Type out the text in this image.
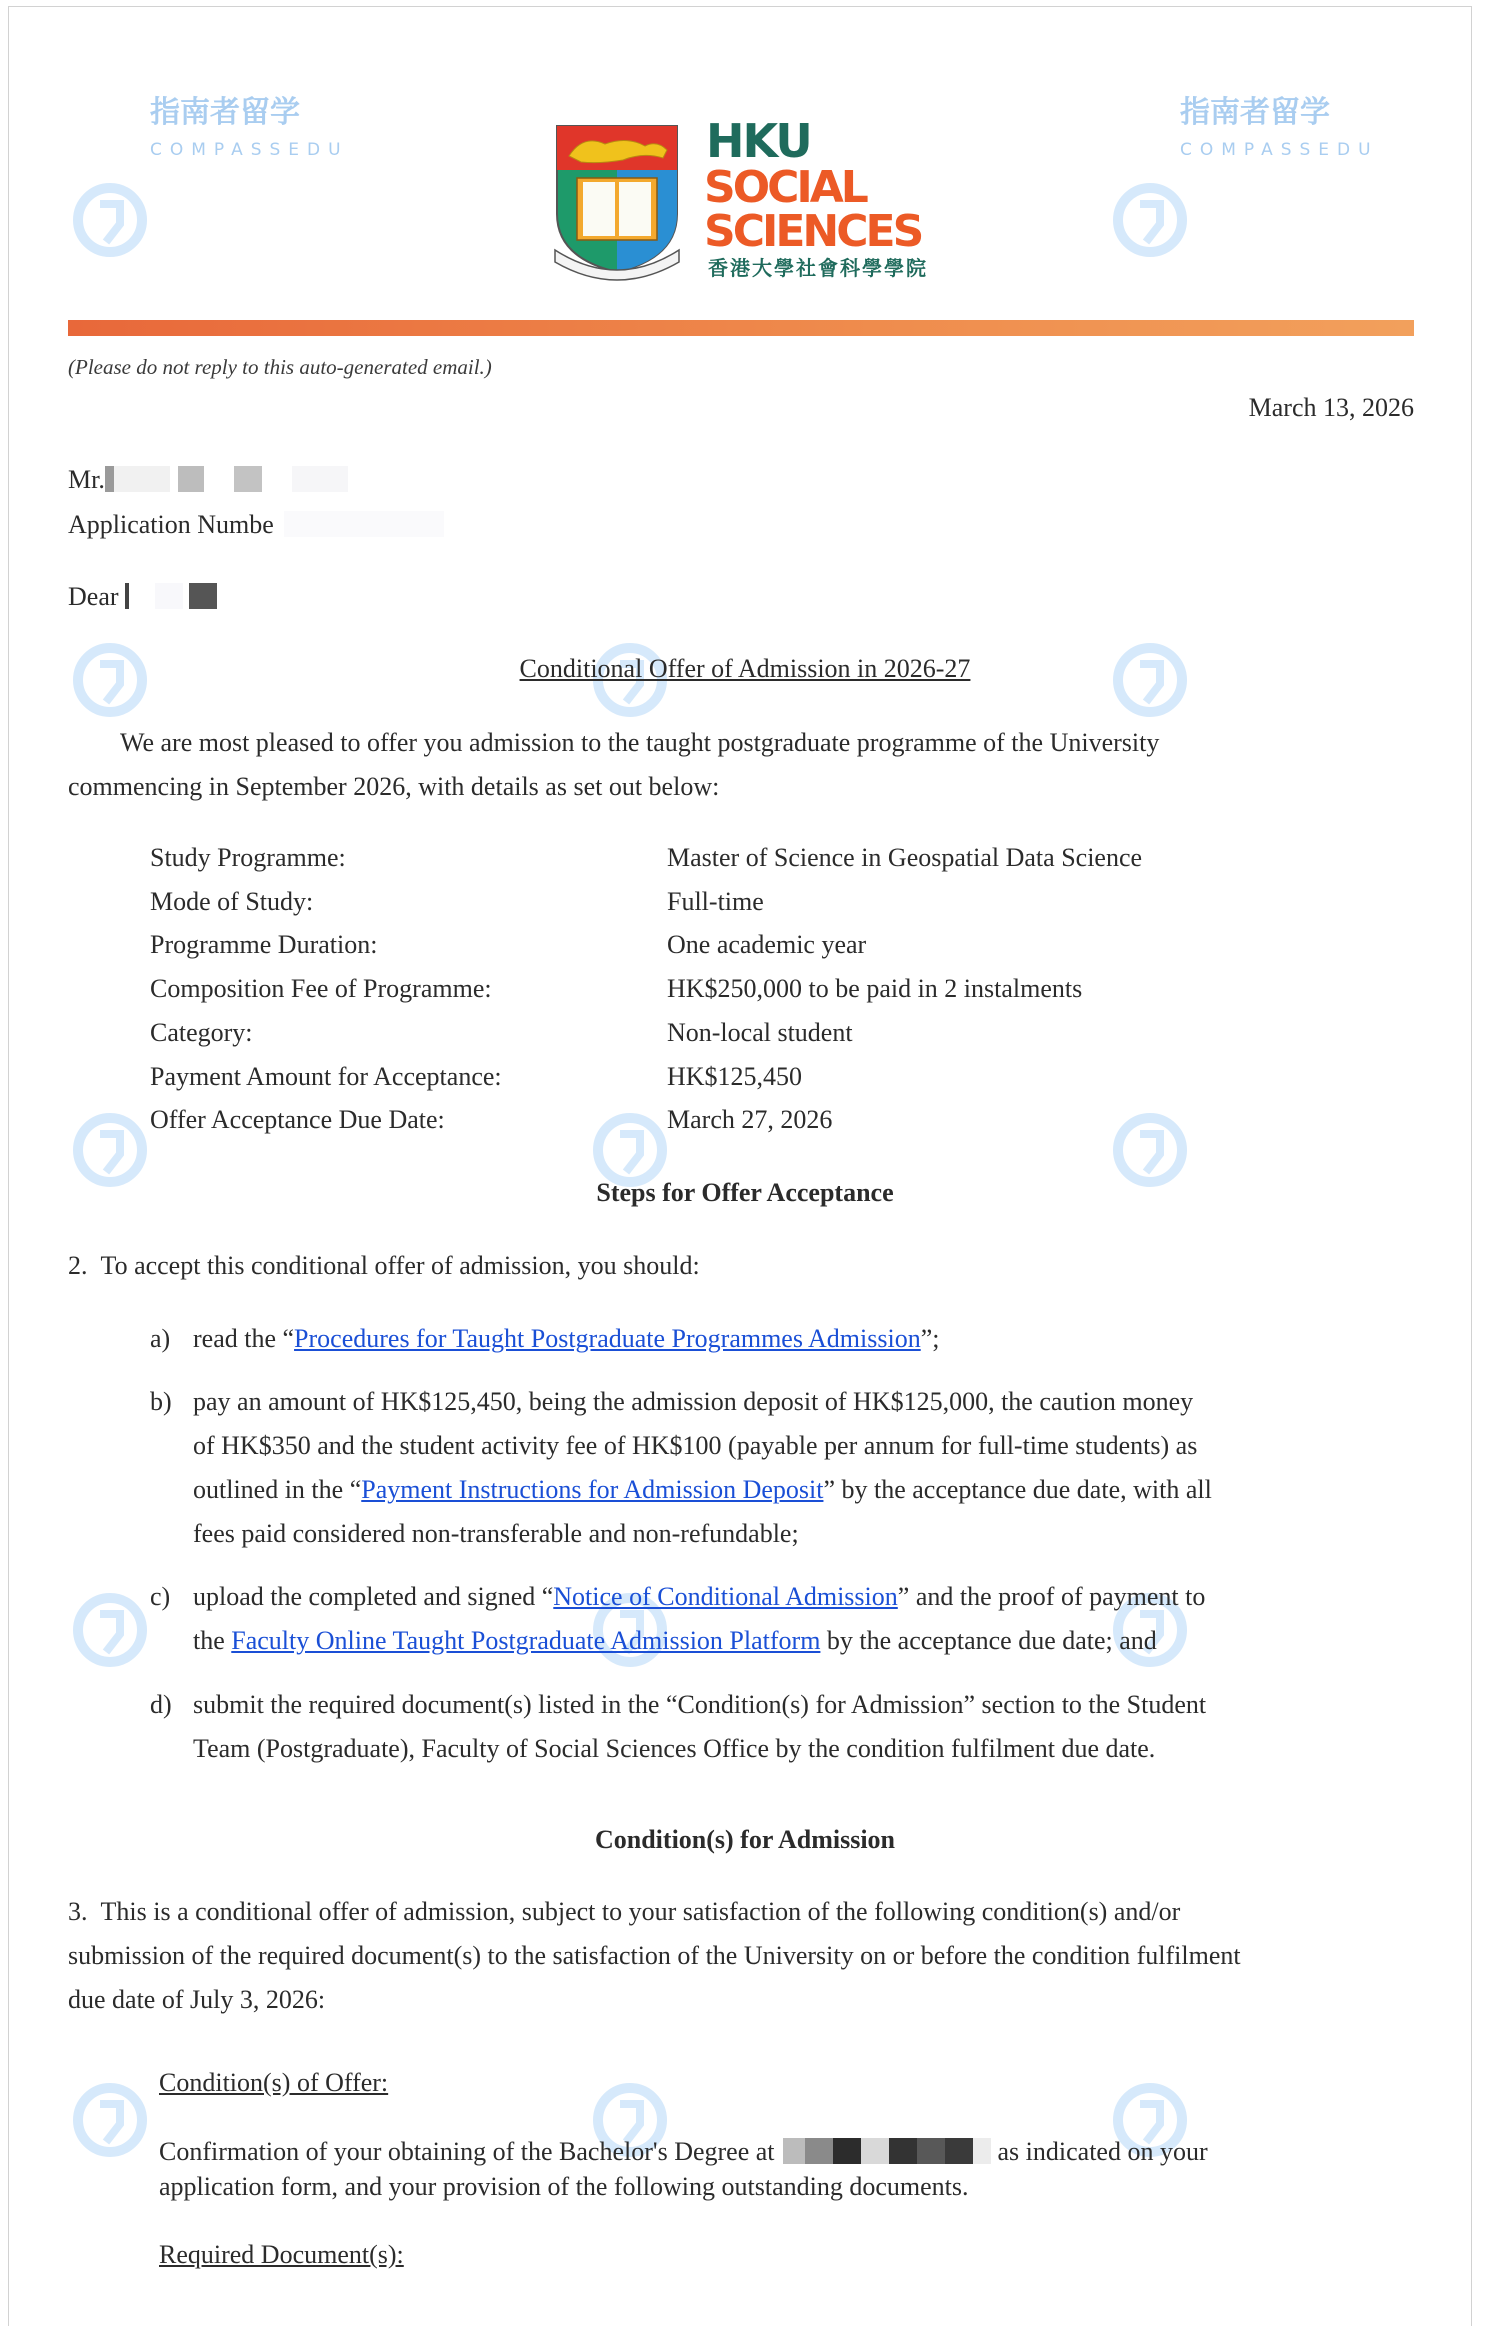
指南者留学
COMPASSEDU
指南者留学
COMPASSEDU
HKU
SOCIAL
SCIENCES
香港大學社會科學學院
(Please do not reply to this auto-generated email.)
March 13, 2026
Mr.
Application Numbe
Dear
Conditional Offer of Admission in 2026-27
We are most pleased to offer you admission to the taught postgraduate programme of the University
commencing in September 2026, with details as set out below:
Study Programme:	Master of Science in Geospatial Data Science
Mode of Study:	Full-time
Programme Duration:	One academic year
Composition Fee of Programme:	HK$250,000 to be paid in 2 instalments
Category:	Non-local student
Payment Amount for Acceptance:	HK$125,450
Offer Acceptance Due Date:	March 27, 2026
Steps for Offer Acceptance
2. To accept this conditional offer of admission, you should:
a) read the “Procedures for Taught Postgraduate Programmes Admission”;
b) pay an amount of HK$125,450, being the admission deposit of HK$125,000, the caution money
of HK$350 and the student activity fee of HK$100 (payable per annum for full-time students) as
outlined in the “Payment Instructions for Admission Deposit” by the acceptance due date, with all
fees paid considered non-transferable and non-refundable;
c) upload the completed and signed “Notice of Conditional Admission” and the proof of payment to
the Faculty Online Taught Postgraduate Admission Platform by the acceptance due date; and
d) submit the required document(s) listed in the “Condition(s) for Admission” section to the Student
Team (Postgraduate), Faculty of Social Sciences Office by the condition fulfilment due date.
Condition(s) for Admission
3. This is a conditional offer of admission, subject to your satisfaction of the following condition(s) and/or
submission of the required document(s) to the satisfaction of the University on or before the condition fulfilment
due date of July 3, 2026:
Condition(s) of Offer:
Confirmation of your obtaining of the Bachelor's Degree at	as indicated on your
application form, and your provision of the following outstanding documents.
Required Document(s):
